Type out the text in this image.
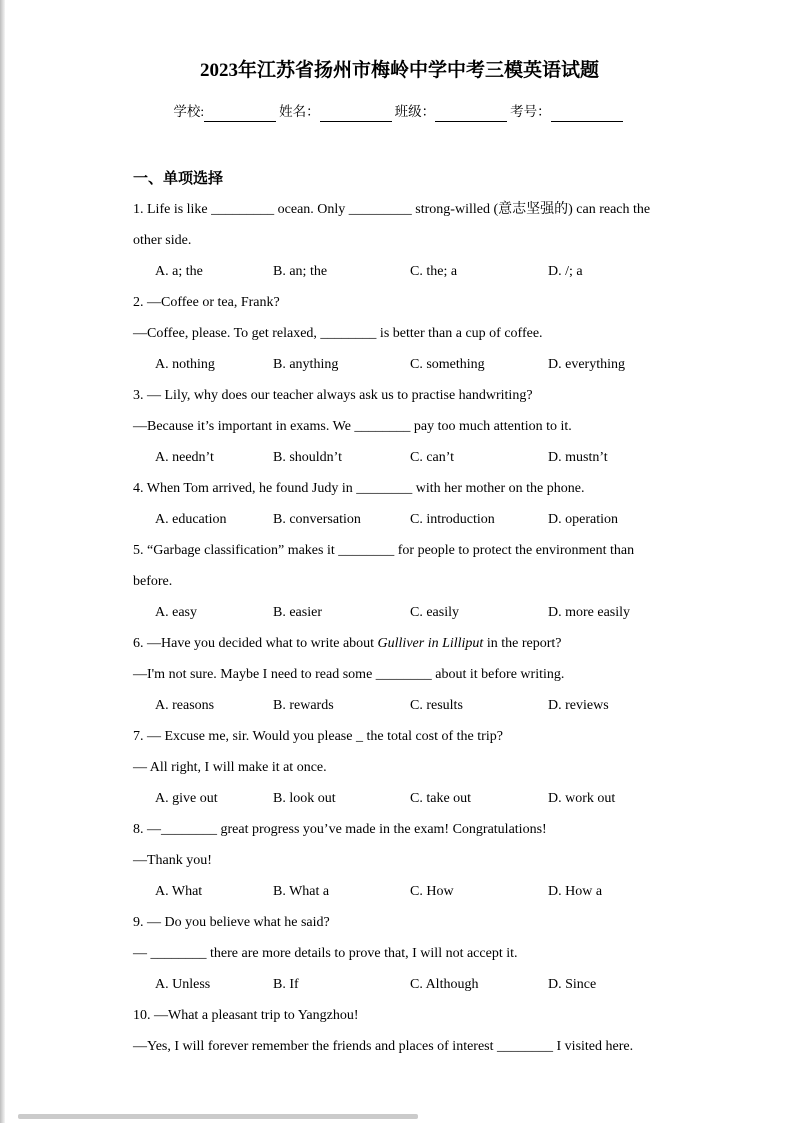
2023年江苏省扬州市梅岭中学中考三模英语试题
学校:	姓名：	班级：	考号：
一、单项选择
1. Life is like _________ ocean. Only _________ strong-willed (意志坚强的) can reach the
other side.
A. a; the	B. an; the	C. the; a	D. /; a
2. —Coffee or tea, Frank?
—Coffee, please. To get relaxed, ________ is better than a cup of coffee.
A. nothing	B. anything	C. something	D. everything
3. — Lily, why does our teacher always ask us to practise handwriting?
—Because it’s important in exams. We ________ pay too much attention to it.
A. needn’t	B. shouldn’t	C. can’t	D. mustn’t
4. When Tom arrived, he found Judy in ________ with her mother on the phone.
A. education	B. conversation	C. introduction	D. operation
5. “Garbage classification” makes it ________ for people to protect the environment than
before.
A. easy	B. easier	C. easily	D. more easily
6. —Have you decided what to write about Gulliver in Lilliput in the report?
—I'm not sure. Maybe I need to read some ________ about it before writing.
A. reasons	B. rewards	C. results	D. reviews
7. — Excuse me, sir. Would you please _ the total cost of the trip?
— All right, I will make it at once.
A. give out	B. look out	C. take out	D. work out
8. —________ great progress you’ve made in the exam! Congratulations!
—Thank you!
A. What	B. What a	C. How	D. How a
9. — Do you believe what he said?
— ________ there are more details to prove that, I will not accept it.
A. Unless	B. If	C. Although	D. Since
10. —What a pleasant trip to Yangzhou!
—Yes, I will forever remember the friends and places of interest ________ I visited here.
